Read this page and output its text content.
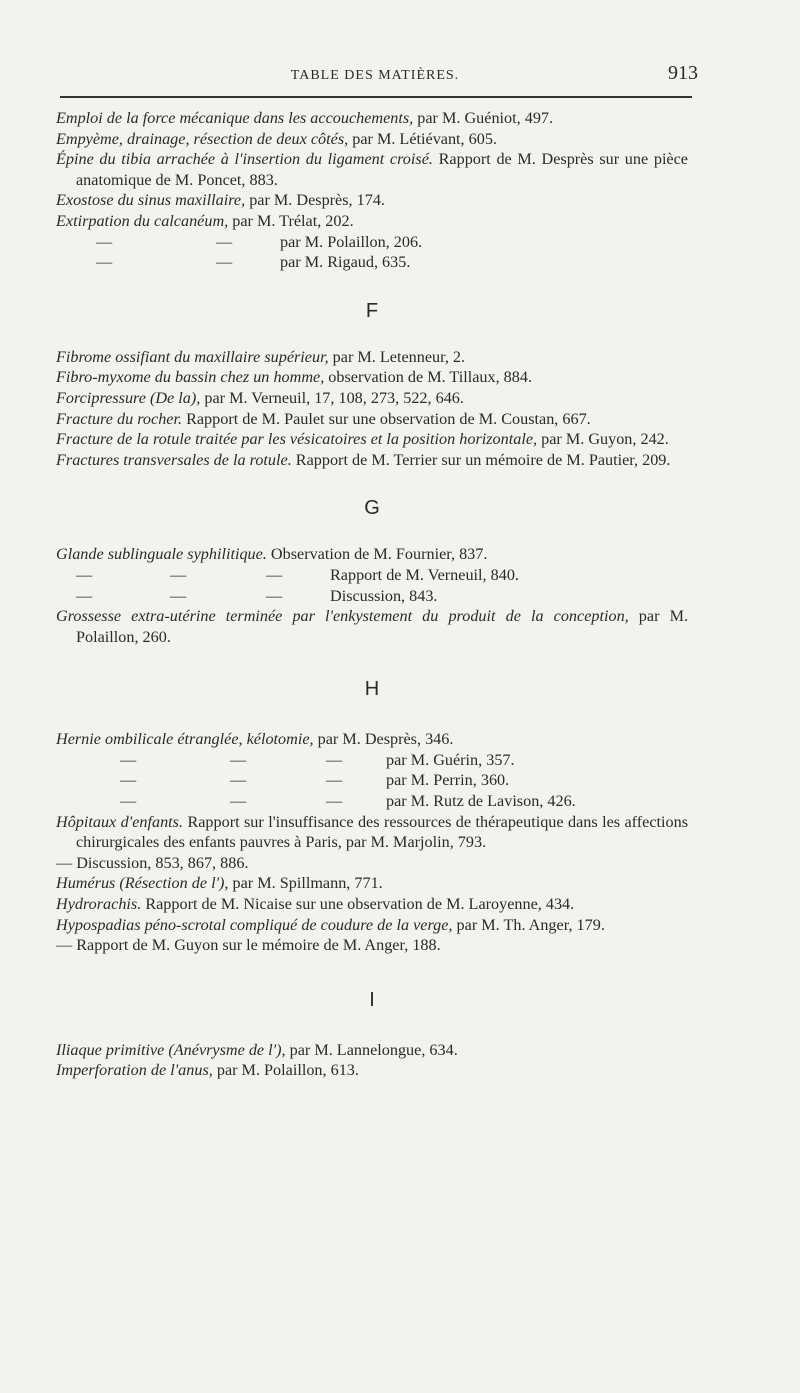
TABLE DES MATIÈRES.	913
Emploi de la force mécanique dans les accouchements, par M. Guéniot, 497.
Empyème, drainage, résection de deux côtés, par M. Létiévant, 605.
Épine du tibia arrachée à l'insertion du ligament croisé. Rapport de M. Desprès sur une pièce anatomique de M. Poncet, 883.
Exostose du sinus maxillaire, par M. Desprès, 174.
Extirpation du calcanéum, par M. Trélat, 202.
—	—	par M. Polaillon, 206.
—	—	par M. Rigaud, 635.
F
Fibrome ossifiant du maxillaire supérieur, par M. Letenneur, 2.
Fibro-myxome du bassin chez un homme, observation de M. Tillaux, 884.
Forcipressure (De la), par M. Verneuil, 17, 108, 273, 522, 646.
Fracture du rocher. Rapport de M. Paulet sur une observation de M. Coustan, 667.
Fracture de la rotule traitée par les vésicatoires et la position horizontale, par M. Guyon, 242.
Fractures transversales de la rotule. Rapport de M. Terrier sur un mémoire de M. Pautier, 209.
G
Glande sublinguale syphilitique. Observation de M. Fournier, 837.
—	—	—	Rapport de M. Verneuil, 840.
—	—	—	Discussion, 843.
Grossesse extra-utérine terminée par l'enkystement du produit de la conception, par M. Polaillon, 260.
H
Hernie ombilicale étranglée, kélotomie, par M. Desprès, 346.
—	—	—	par M. Guérin, 357.
—	—	—	par M. Perrin, 360.
—	—	—	par M. Rutz de Lavison, 426.
Hôpitaux d'enfants. Rapport sur l'insuffisance des ressources de thérapeutique dans les affections chirurgicales des enfants pauvres à Paris, par M. Marjolin, 793.
— Discussion, 853, 867, 886.
Humérus (Résection de l'), par M. Spillmann, 771.
Hydrorachis. Rapport de M. Nicaise sur une observation de M. Laroyenne, 434.
Hypospadias péno-scrotal compliqué de coudure de la verge, par M. Th. Anger, 179.
— Rapport de M. Guyon sur le mémoire de M. Anger, 188.
I
Iliaque primitive (Anévrysme de l'), par M. Lannelongue, 634.
Imperforation de l'anus, par M. Polaillon, 613.
